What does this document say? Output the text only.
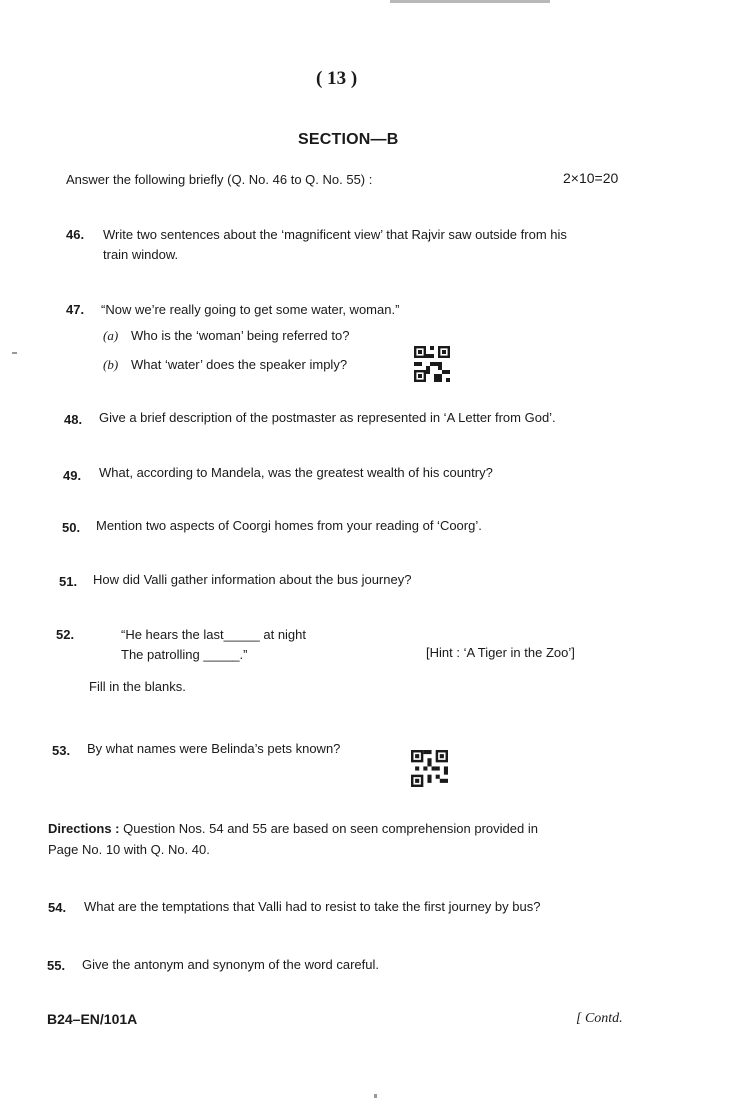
( 13 )
SECTION—B
Answer the following briefly (Q. No. 46 to Q. No. 55) :	2×10=20
46. Write two sentences about the ‘magnificent view’ that Rajvir saw outside from his
train window.
47. “Now we’re really going to get some water, woman.”
(a) Who is the ‘woman’ being referred to?
(b) What ‘water’ does the speaker imply?
48. Give a brief description of the postmaster as represented in ‘A Letter from God’.
49. What, according to Mandela, was the greatest wealth of his country?
50. Mention two aspects of Coorgi homes from your reading of ‘Coorg’.
51. How did Valli gather information about the bus journey?
52.	“He hears the last_____ at night
The patrolling _____.”	[Hint : ‘A Tiger in the Zoo’]
Fill in the blanks.
53. By what names were Belinda’s pets known?
Directions : Question Nos. 54 and 55 are based on seen comprehension provided in
Page No. 10 with Q. No. 40.
54. What are the temptations that Valli had to resist to take the first journey by bus?
55. Give the antonym and synonym of the word careful.
B24–EN/101A	[ Contd.
